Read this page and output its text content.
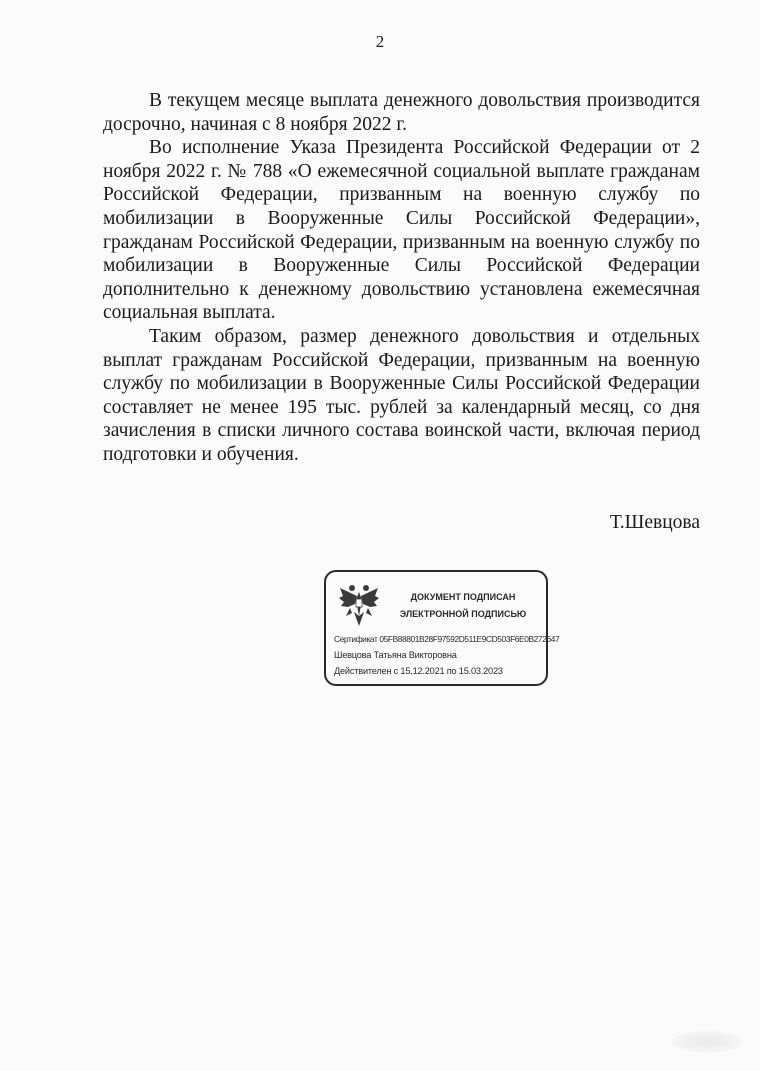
2

В текущем месяце выплата денежного довольствия производится досрочно, начиная с 8 ноября 2022 г.

Во исполнение Указа Президента Российской Федерации от 2 ноября 2022 г. № 788 «О ежемесячной социальной выплате гражданам Российской Федерации, призванным на военную службу по мобилизации в Вооруженные Силы Российской Федерации», гражданам Российской Федерации, призванным на военную службу по мобилизации в Вооруженные Силы Российской Федерации дополнительно к денежному довольствию установлена ежемесячная социальная выплата.

Таким образом, размер денежного довольствия и отдельных выплат гражданам Российской Федерации, призванным на военную службу по мобилизации в Вооруженные Силы Российской Федерации составляет не менее 195 тыс. рублей за календарный месяц, со дня зачисления в списки личного состава воинской части, включая период подготовки и обучения.

Т.Шевцова
ДОКУМЕНТ ПОДПИСАН
ЭЛЕКТРОННОЙ ПОДПИСЬЮ
Сертификат 05FB88801B28F97592D511E9CD503F6E0B272647
Шевцова Татьяна Викторовна
Действителен с 15.12.2021 по 15.03.2023
